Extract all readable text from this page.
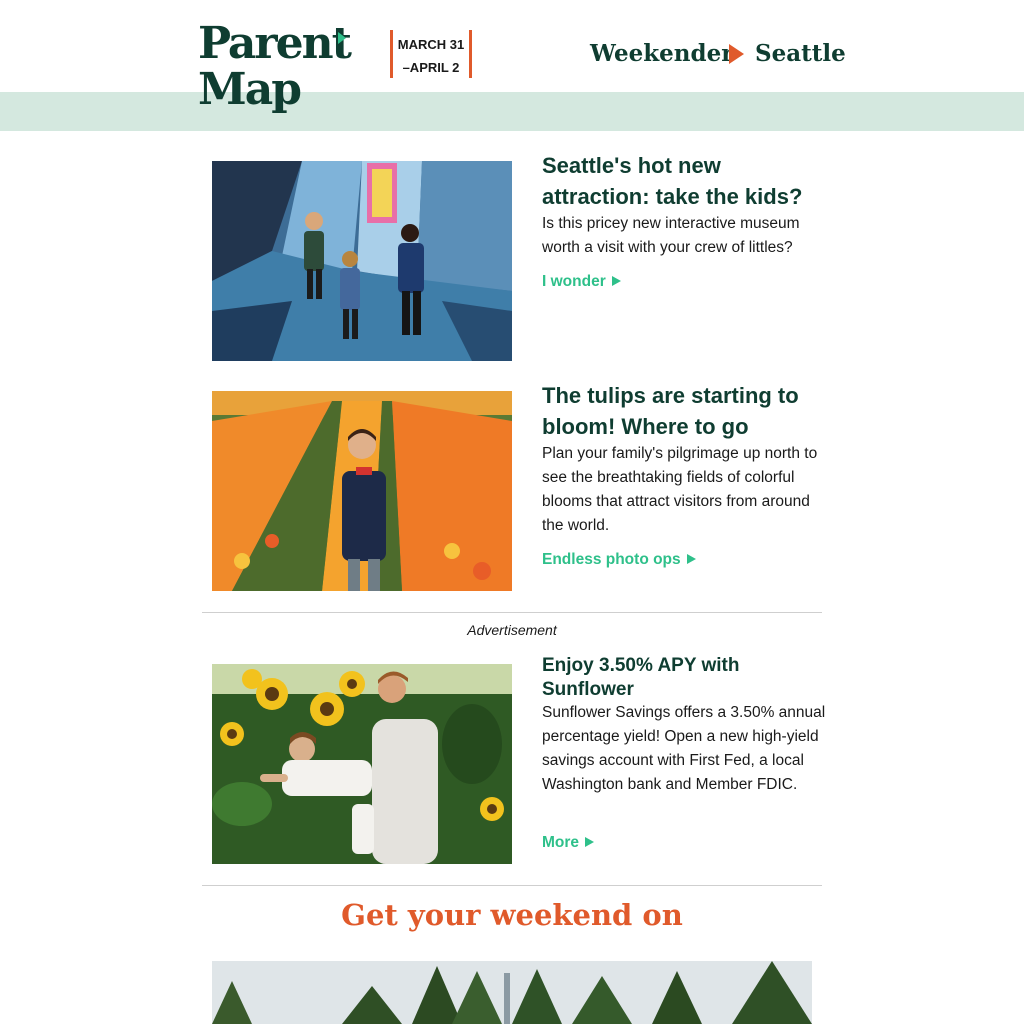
Parent
Map
MARCH 31
–APRIL 2
Weekender Seattle
Seattle's hot new attraction: take the kids?
Is this pricey new interactive museum worth a visit with your crew of littles?
I wonder
The tulips are starting to bloom! Where to go
Plan your family's pilgrimage up north to see the breathtaking fields of colorful blooms that attract visitors from around the world.
Endless photo ops
Advertisement
Enjoy 3.50% APY with Sunflower
Sunflower Savings offers a 3.50% annual percentage yield! Open a new high-yield savings account with First Fed, a local Washington bank and Member FDIC.
More
Get your weekend on
